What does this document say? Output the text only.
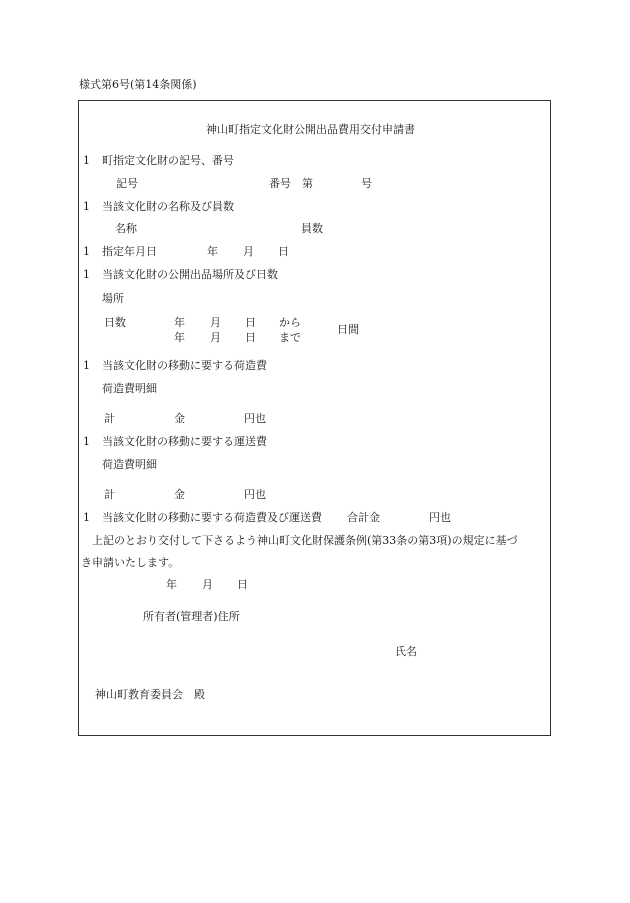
様式第6号(第14条関係)
神山町指定文化財公開出品費用交付申請書
1 町指定文化財の記号、番号
記号	番号 第	号
1 当該文化財の名称及び員数
名称	員数
1 指定年月日	年 月 日
1 当該文化財の公開出品場所及び日数
場所
日数	年 月 日 から
年 月 日 まで
日間
1 当該文化財の移動に要する荷造費
荷造費明細
計	金	円也
1 当該文化財の移動に要する運送費
荷造費明細
計	金	円也
1 当該文化財の移動に要する荷造費及び運送費 合計金	円也
上記のとおり交付して下さるよう神山町文化財保護条例(第33条の第3項)の規定に基づ
き申請いたします。
年 月 日
所有者(管理者)住所
氏名
神山町教育委員会　殿
